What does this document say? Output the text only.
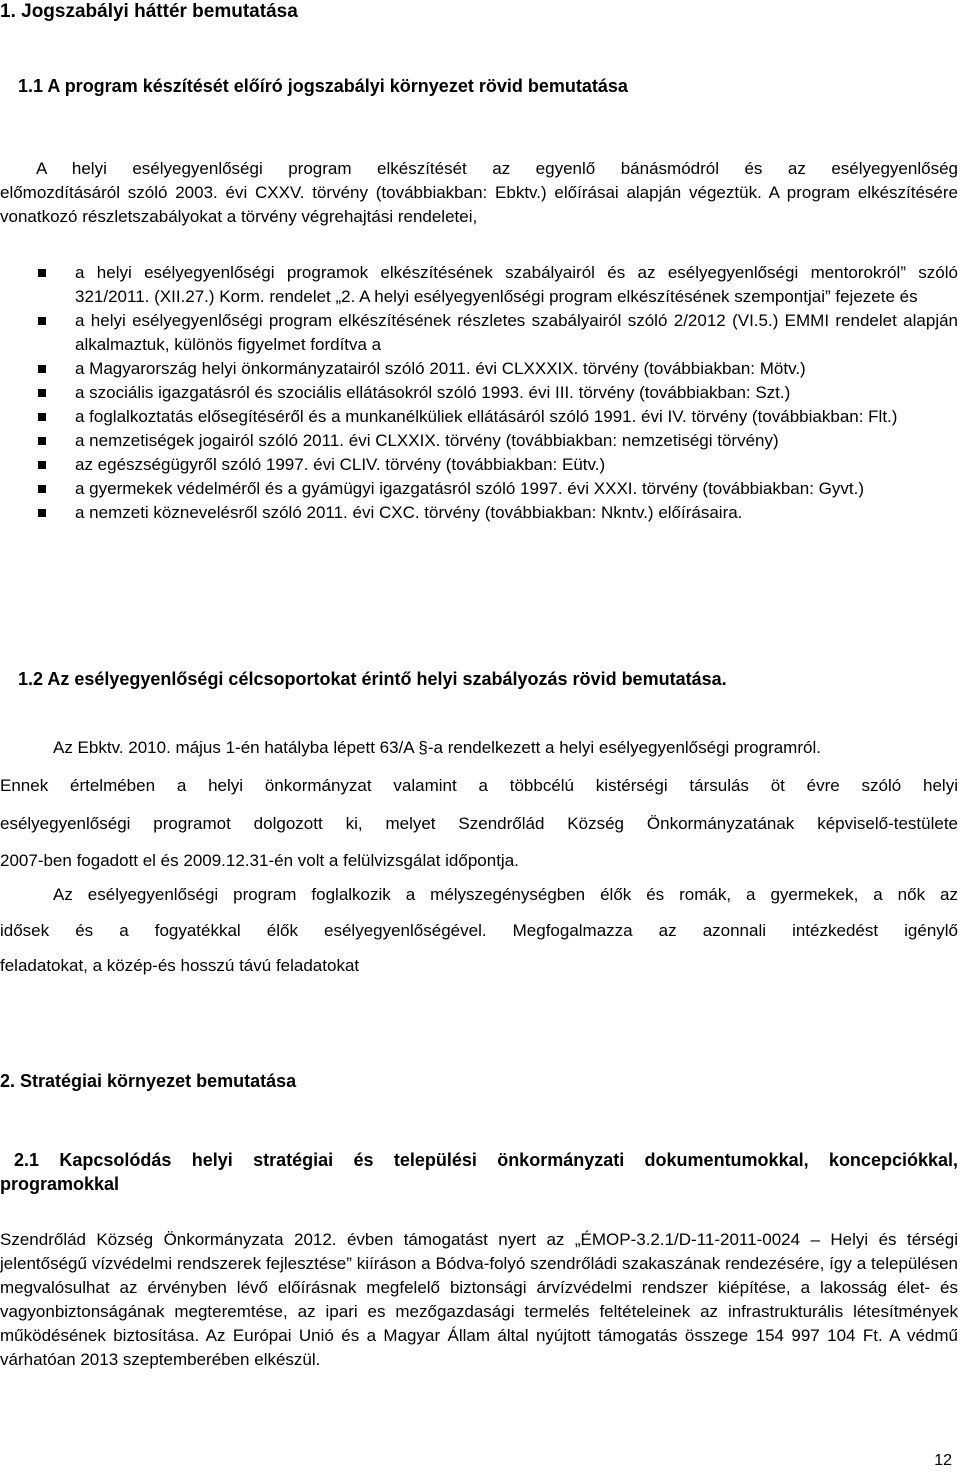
1. Jogszabályi háttér bemutatása
1.1 A program készítését előíró jogszabályi környezet rövid bemutatása
A helyi esélyegyenlőségi program elkészítését az egyenlő bánásmódról és az esélyegyenlőség
előmozdításáról szóló 2003. évi CXXV. törvény (továbbiakban: Ebktv.) előírásai alapján végeztük. A program elkészítésére vonatkozó részletszabályokat a törvény végrehajtási rendeletei,
a helyi esélyegyenlőségi programok elkészítésének szabályairól és az esélyegyenlőségi mentorokról” szóló 321/2011. (XII.27.) Korm. rendelet „2. A helyi esélyegyenlőségi program elkészítésének szempontjai” fejezete és
a helyi esélyegyenlőségi program elkészítésének részletes szabályairól szóló 2/2012 (VI.5.) EMMI rendelet alapján alkalmaztuk, különös figyelmet fordítva a
a Magyarország helyi önkormányzatairól szóló 2011. évi CLXXXIX. törvény (továbbiakban: Mötv.)
a szociális igazgatásról és szociális ellátásokról szóló 1993. évi III. törvény (továbbiakban: Szt.)
a foglalkoztatás elősegítéséről és a munkanélküliek ellátásáról szóló 1991. évi IV. törvény (továbbiakban: Flt.)
a nemzetiségek jogairól szóló 2011. évi CLXXIX. törvény (továbbiakban: nemzetiségi törvény)
az egészségügyről szóló 1997. évi CLIV. törvény (továbbiakban: Eütv.)
a gyermekek védelméről és a gyámügyi igazgatásról szóló 1997. évi XXXI. törvény (továbbiakban: Gyvt.)
a nemzeti köznevelésről szóló 2011. évi CXC. törvény (továbbiakban: Nkntv.) előírásaira.
1.2 Az esélyegyenlőségi célcsoportokat érintő helyi szabályozás rövid bemutatása.
Az Ebktv. 2010. május 1-én hatályba lépett 63/A §-a rendelkezett a helyi esélyegyenlőségi programról.
Ennek értelmében a helyi önkormányzat valamint a többcélú kistérségi társulás öt évre szóló helyi
esélyegyenlőségi programot dolgozott ki, melyet Szendrőlád Község Önkormányzatának képviselő-testülete
2007-ben fogadott el és 2009.12.31-én volt a felülvizsgálat időpontja.
Az esélyegyenlőségi program foglalkozik a mélyszegénységben élők és romák, a gyermekek, a nők az
idősek és a fogyatékkal élők esélyegyenlőségével. Megfogalmazza az azonnali intézkedést igénylő
feladatokat, a közép-és hosszú távú feladatokat
2. Stratégiai környezet bemutatása
2.1 Kapcsolódás helyi stratégiai és települési önkormányzati dokumentumokkal, koncepciókkal,
programokkal
Szendrőlád Község Önkormányzata 2012. évben támogatást nyert az „ÉMOP-3.2.1/D-11-2011-0024 – Helyi és térségi jelentőségű vízvédelmi rendszerek fejlesztése” kiíráson a Bódva-folyó szendrőládi szakaszának rendezésére, így a településen megvalósulhat az érvényben lévő előírásnak megfelelő biztonsági árvízvédelmi rendszer kiépítése, a lakosság élet- és vagyonbiztonságának megteremtése, az ipari es mezőgazdasági termelés feltételeinek az infrastrukturális létesítmények működésének biztosítása. Az Európai Unió és a Magyar Állam által nyújtott támogatás összege 154 997 104 Ft. A védmű várhatóan 2013 szeptemberében elkészül.
12
